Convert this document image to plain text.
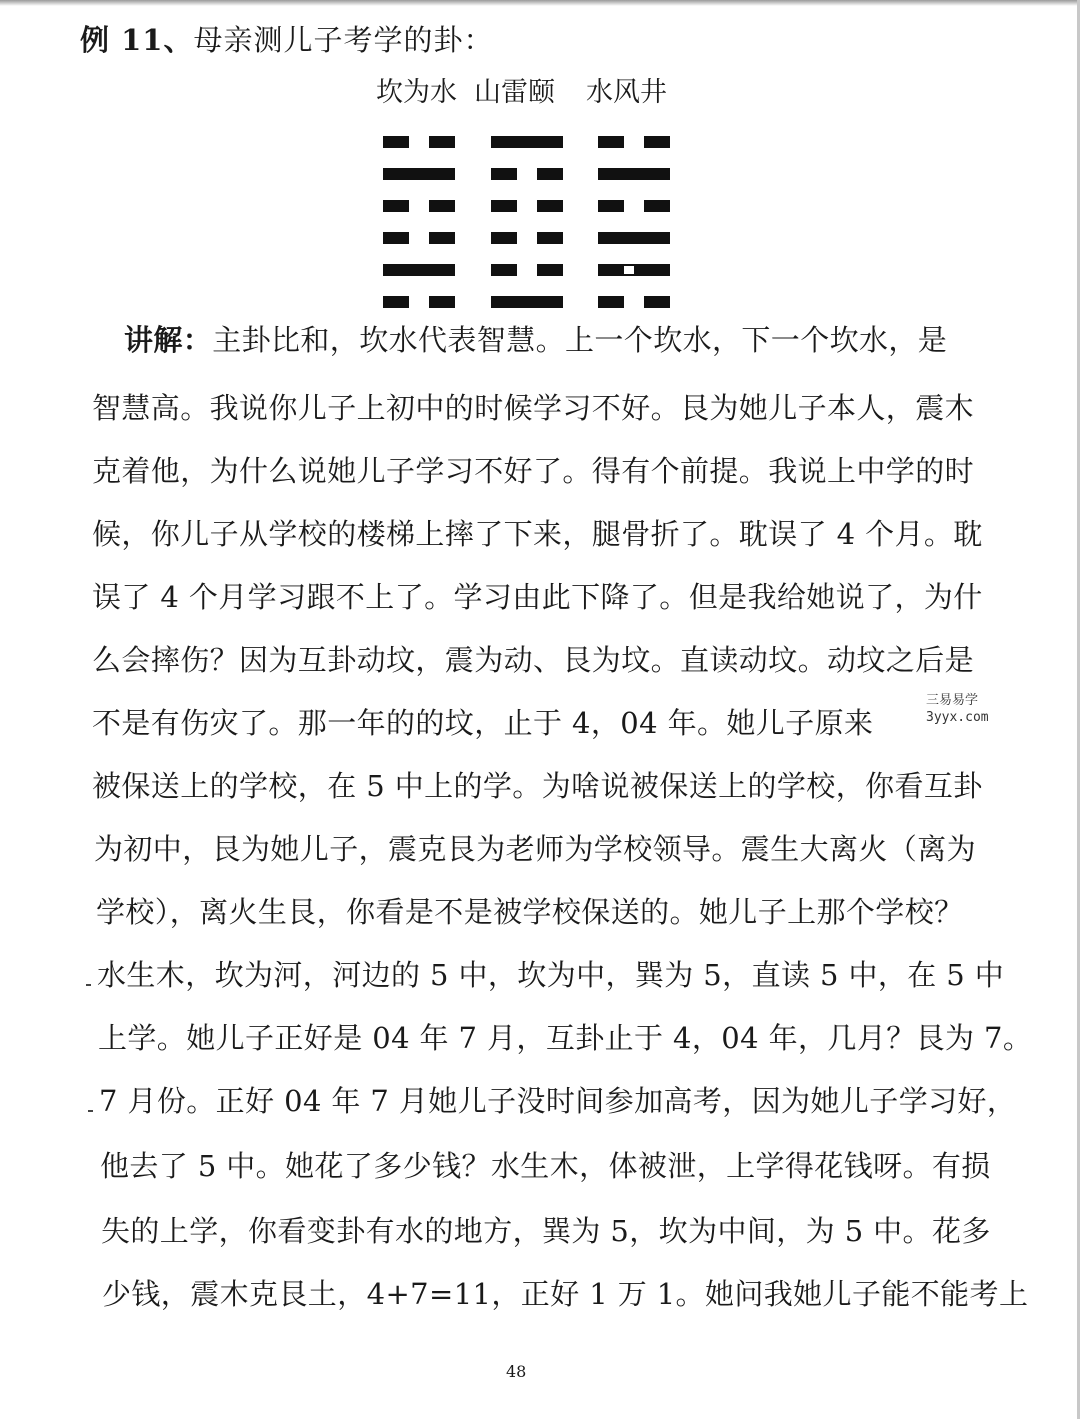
例 11、母亲测儿子考学的卦：
坎为水 山雷颐 水风井
讲解：主卦比和，坎水代表智慧。上一个坎水，下一个坎水，是
智慧高。我说你儿子上初中的时候学习不好。艮为她儿子本人，震木
克着他，为什么说她儿子学习不好了。得有个前提。我说上中学的时
候，你儿子从学校的楼梯上摔了下来，腿骨折了。耽误了 4 个月。耽
误了 4 个月学习跟不上了。学习由此下降了。但是我给她说了，为什
么会摔伤？因为互卦动坟，震为动、艮为坟。直读动坟。动坟之后是
不是有伤灾了。那一年的的坟，止于 4，04 年。她儿子原来
被保送上的学校，在 5 中上的学。为啥说被保送上的学校，你看互卦
为初中，艮为她儿子，震克艮为老师为学校领导。震生大离火（离为
学校），离火生艮，你看是不是被学校保送的。她儿子上那个学校？
水生木，坎为河，河边的 5 中，坎为中，巽为 5，直读 5 中，在 5 中
上学。她儿子正好是 04 年 7 月，互卦止于 4，04 年，几月？艮为 7。
7 月份。正好 04 年 7 月她儿子没时间参加高考，因为她儿子学习好，
他去了 5 中。她花了多少钱？水生木，体被泄，上学得花钱呀。有损
失的上学，你看变卦有水的地方，巽为 5，坎为中间，为 5 中。花多
少钱，震木克艮土，4+7=11，正好 1 万 1。她问我她儿子能不能考上
三易易学
3yyx.com
48
